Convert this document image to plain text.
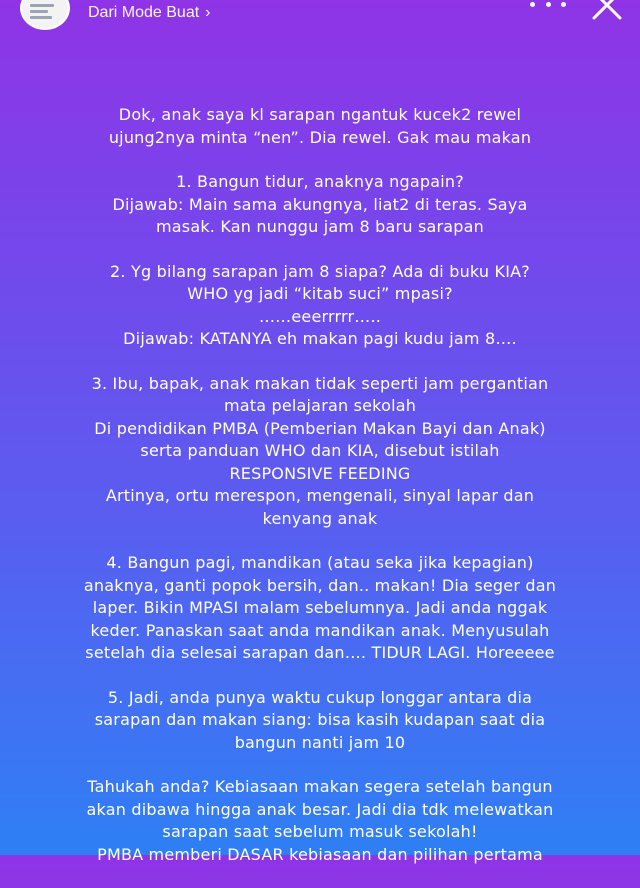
Dari Mode Buat ›
Dok, anak saya kl sarapan ngantuk kucek2 rewel
ujung2nya minta “nen”. Dia rewel. Gak mau makan
1. Bangun tidur, anaknya ngapain?
Dijawab: Main sama akungnya, liat2 di teras. Saya
masak. Kan nunggu jam 8 baru sarapan
2. Yg bilang sarapan jam 8 siapa? Ada di buku KIA?
WHO yg jadi “kitab suci” mpasi?
……eeerrrrr…..
Dijawab: KATANYA eh makan pagi kudu jam 8….
3. Ibu, bapak, anak makan tidak seperti jam pergantian
mata pelajaran sekolah
Di pendidikan PMBA (Pemberian Makan Bayi dan Anak)
serta panduan WHO dan KIA, disebut istilah
RESPONSIVE FEEDING
Artinya, ortu merespon, mengenali, sinyal lapar dan
kenyang anak
4. Bangun pagi, mandikan (atau seka jika kepagian)
anaknya, ganti popok bersih, dan.. makan! Dia seger dan
laper. Bikin MPASI malam sebelumnya. Jadi anda nggak
keder. Panaskan saat anda mandikan anak. Menyusulah
setelah dia selesai sarapan dan…. TIDUR LAGI. Horeeeee
5. Jadi, anda punya waktu cukup longgar antara dia
sarapan dan makan siang: bisa kasih kudapan saat dia
bangun nanti jam 10
Tahukah anda? Kebiasaan makan segera setelah bangun
akan dibawa hingga anak besar. Jadi dia tdk melewatkan
sarapan saat sebelum masuk sekolah!
PMBA memberi DASAR kebiasaan dan pilihan pertama
